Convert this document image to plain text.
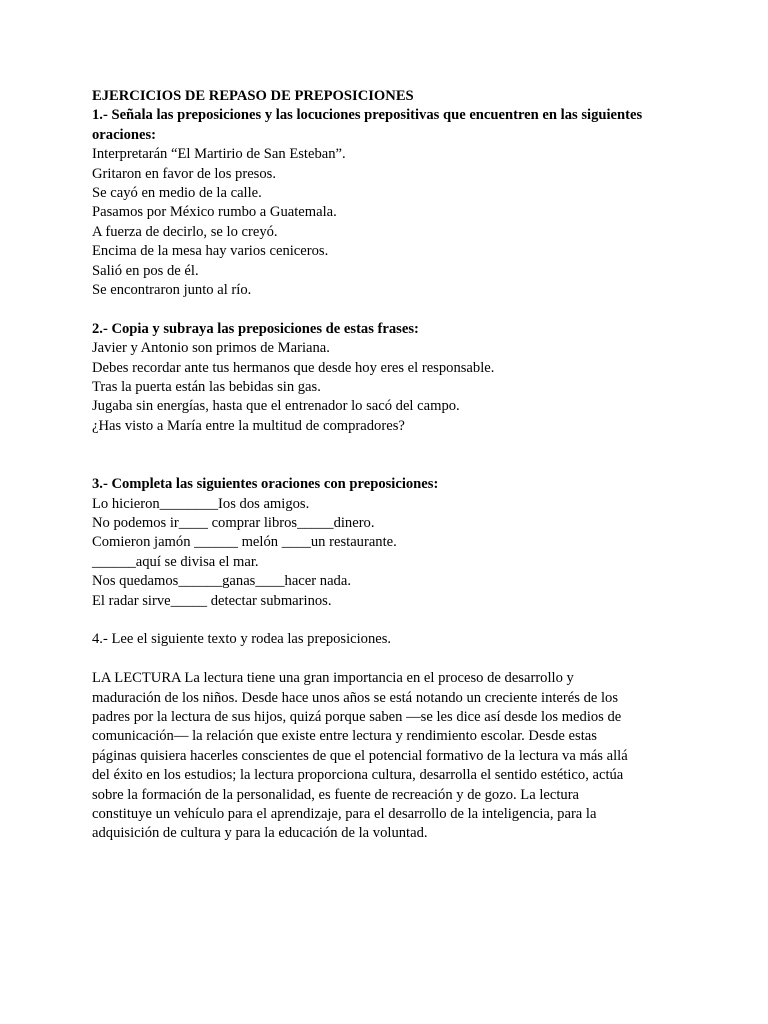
EJERCICIOS DE REPASO DE PREPOSICIONES
1.- Señala las preposiciones y las locuciones prepositivas que encuentren en las siguientes
oraciones:
Interpretarán “El Martirio de San Esteban”.
Gritaron en favor de los presos.
Se cayó en medio de la calle.
Pasamos por México rumbo a Guatemala.
A fuerza de decirlo, se lo creyó.
Encima de la mesa hay varios ceniceros.
Salió en pos de él.
Se encontraron junto al río.
2.- Copia y subraya las preposiciones de estas frases:
Javier y Antonio son primos de Mariana.
Debes recordar ante tus hermanos que desde hoy eres el responsable.
Tras la puerta están las bebidas sin gas.
Jugaba sin energías, hasta que el entrenador lo sacó del campo.
¿Has visto a María entre la multitud de compradores?
3.- Completa las siguientes oraciones con preposiciones:
Lo hicieron________Ios dos amigos.
No podemos ir____ comprar libros_____dinero.
Comieron jamón ______ melón ____un restaurante.
______aquí se divisa el mar.
Nos quedamos______ganas____hacer nada.
El radar sirve_____ detectar submarinos.
4.- Lee el siguiente texto y rodea las preposiciones.
LA LECTURA La lectura tiene una gran importancia en el proceso de desarrollo y
maduración de los niños. Desde hace unos años se está notando un creciente interés de los
padres por la lectura de sus hijos, quizá porque saben —se les dice así desde los medios de
comunicación— la relación que existe entre lectura y rendimiento escolar. Desde estas
páginas quisiera hacerles conscientes de que el potencial formativo de la lectura va más allá
del éxito en los estudios; la lectura proporciona cultura, desarrolla el sentido estético, actúa
sobre la formación de la personalidad, es fuente de recreación y de gozo. La lectura
constituye un vehículo para el aprendizaje, para el desarrollo de la inteligencia, para la
adquisición de cultura y para la educación de la voluntad.
